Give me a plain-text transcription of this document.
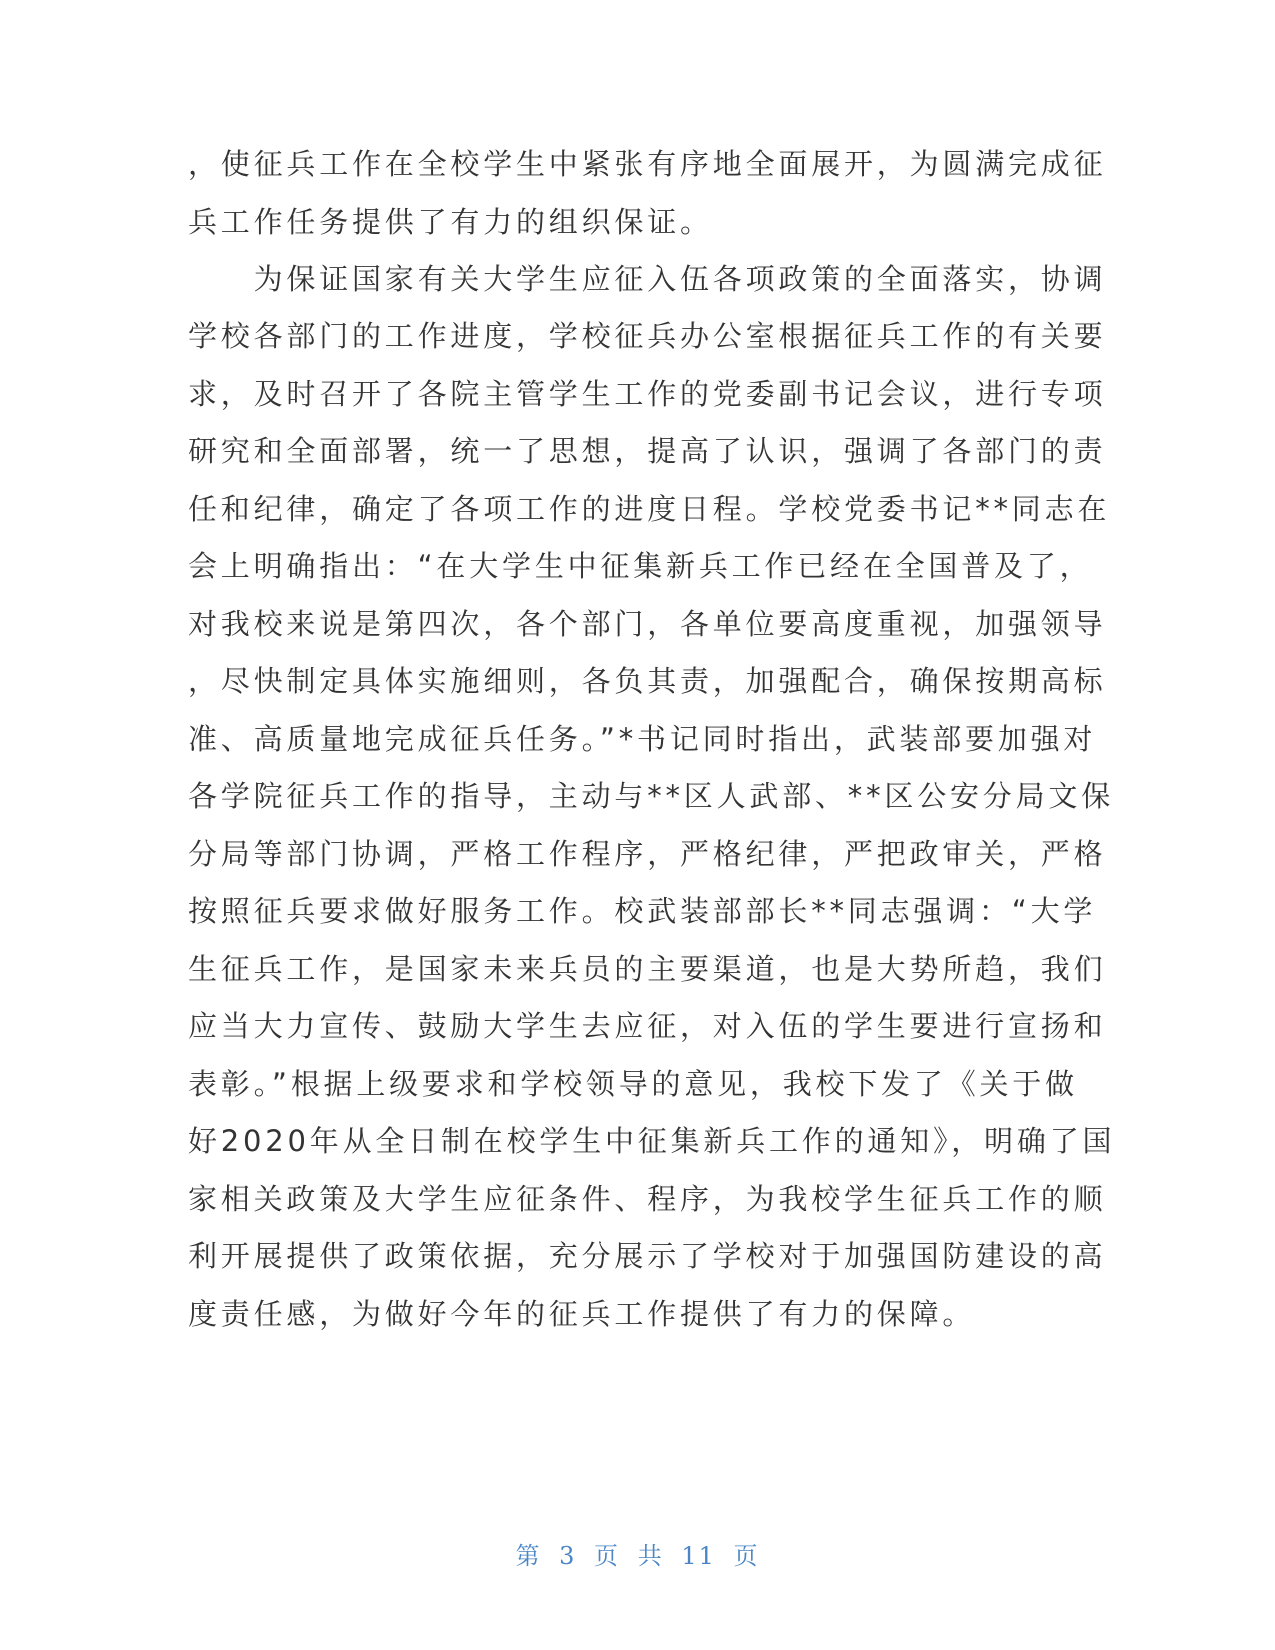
，使征兵工作在全校学生中紧张有序地全面展开，为圆满完成征
兵工作任务提供了有力的组织保证。
　　为保证国家有关大学生应征入伍各项政策的全面落实，协调
学校各部门的工作进度，学校征兵办公室根据征兵工作的有关要
求，及时召开了各院主管学生工作的党委副书记会议，进行专项
研究和全面部署，统一了思想，提高了认识，强调了各部门的责
任和纪律，确定了各项工作的进度日程。学校党委书记**同志在
会上明确指出：“在大学生中征集新兵工作已经在全国普及了，
对我校来说是第四次，各个部门，各单位要高度重视，加强领导
，尽快制定具体实施细则，各负其责，加强配合，确保按期高标
准、高质量地完成征兵任务。”*书记同时指出，武装部要加强对
各学院征兵工作的指导，主动与**区人武部、**区公安分局文保
分局等部门协调，严格工作程序，严格纪律，严把政审关，严格
按照征兵要求做好服务工作。校武装部部长**同志强调：“大学
生征兵工作，是国家未来兵员的主要渠道，也是大势所趋，我们
应当大力宣传、鼓励大学生去应征，对入伍的学生要进行宣扬和
表彰。”根据上级要求和学校领导的意见，我校下发了《关于做
好2020年从全日制在校学生中征集新兵工作的通知》，明确了国
家相关政策及大学生应征条件、程序，为我校学生征兵工作的顺
利开展提供了政策依据，充分展示了学校对于加强国防建设的高
度责任感，为做好今年的征兵工作提供了有力的保障。
第 3 页 共 11 页
